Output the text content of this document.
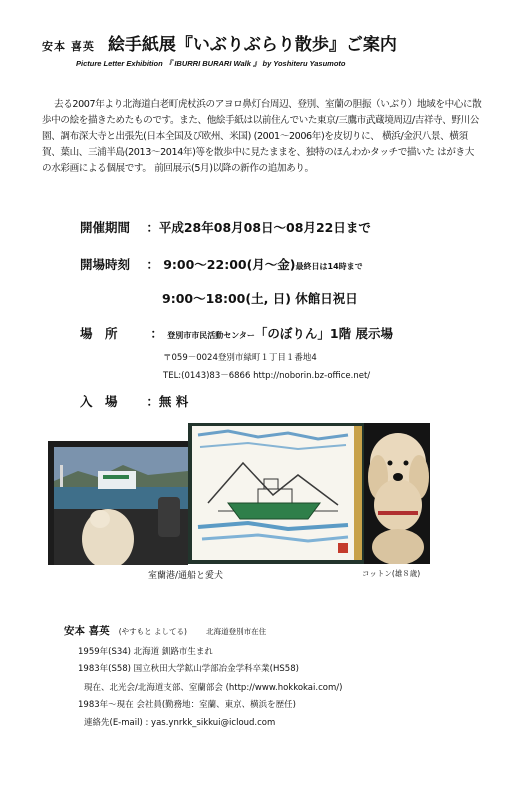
安本 喜英 絵手紙展『いぶりぶらり散歩』ご案内
Picture Letter Exhibition 『 IBURRI BURARI Walk 』 by Yoshiteru Yasumoto
去る2007年より北海道白老町虎杖浜のアヨロ鼻灯台周辺、登別、室蘭の胆振（いぶり）地域を中心に散歩中の絵を描きためたものです。また、他絵手紙は以前住んでいた東京/三鷹市武蔵境周辺/吉祥寺、野川公園、調布深大寺と出張先(日本全国及び欧州、米国) (2001～2006年)を皮切りに、 横浜/金沢八景、横須賀、葉山、三浦半島(2013～2014年)等を散歩中に見たままを、独特のほんわかタッチで描いた はがき大の水彩画による個展です。 前回展示(5月)以降の新作の追加あり。
開催期間 ：平成28年08月08日～08月22日まで
開場時刻 ： 9:00～22:00(月～金)最終日は14時まで
9:00～18:00(土, 日) 休館日祝日
場　所	： 登別市市民活動センター「のぼりん」1階 展示場
〒059－0024登別市緑町１丁目１番地4
TEL:(0143)83－6866 http://noborin.bz-office.net/
入　場 ：無 料
室蘭港/通船と愛犬	コットン(雄８歳)
安本 喜英 (やすもと よしてる)	北海道登別市在住
1959年(S34) 北海道 釧路市生まれ
1983年(S58) 国立秋田大学鉱山学部冶金学科卒業(HS58)
現在、北光会/北海道支部、室蘭部会 (http://www.hokkokai.com/)
1983年～現在 会社員(勤務地：室蘭、東京、横浜を歴任)
連絡先(E-mail) : yas.ynrkk_sikkui@icloud.com
